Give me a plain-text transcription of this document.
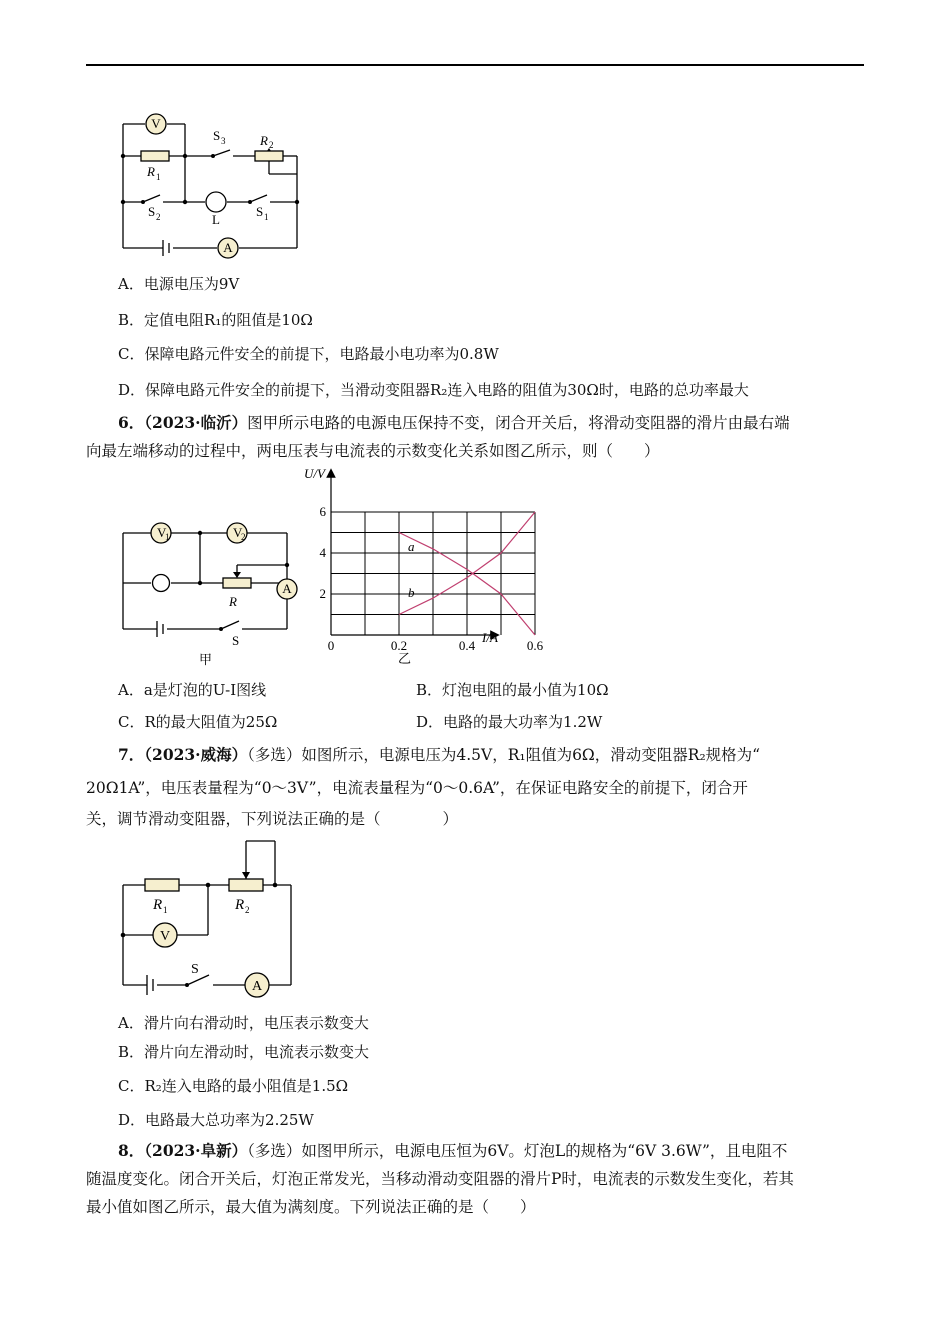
V
R 1
S 3	R 2
S 2	L
S 1
A
A．电源电压为9V
B．定值电阻R₁的阻值是10Ω
C．保障电路元件安全的前提下，电路最小电功率为0.8W
D．保障电路元件安全的前提下，当滑动变阻器R₂连入电路的阻值为30Ω时，电路的总功率最大
6．（2023·临沂）图甲所示电路的电源电压保持不变，闭合开关后，将滑动变阻器的滑片由最右端
向最左端移动的过程中，两电压表与电流表的示数变化关系如图乙所示，则（　　）
V
1	V
2
R
A
S
甲
0	0.2	0.4	0.6
2
4
6
U/V
I/A
a
b
乙
A．a是灯泡的U-I图线	B．灯泡电阻的最小值为10Ω
C．R的最大阻值为25Ω	D．电路的最大功率为1.2W
7．（2023·威海）（多选）如图所示，电源电压为4.5V，R₁阻值为6Ω，滑动变阻器R₂规格为“
20Ω1A”，电压表量程为“0～3V”，电流表量程为“0～0.6A”，在保证电路安全的前提下，闭合开
关，调节滑动变阻器，下列说法正确的是（　　　　）
R 1	R 2
V
S
A
A．滑片向右滑动时，电压表示数变大
B．滑片向左滑动时，电流表示数变大
C．R₂连入电路的最小阻值是1.5Ω
D．电路最大总功率为2.25W
8．（2023·阜新）（多选）如图甲所示，电源电压恒为6V。灯泡L的规格为“6V 3.6W”，且电阻不
随温度变化。闭合开关后，灯泡正常发光，当移动滑动变阻器的滑片P时，电流表的示数发生变化，若其
最小值如图乙所示，最大值为满刻度。下列说法正确的是（　　）
